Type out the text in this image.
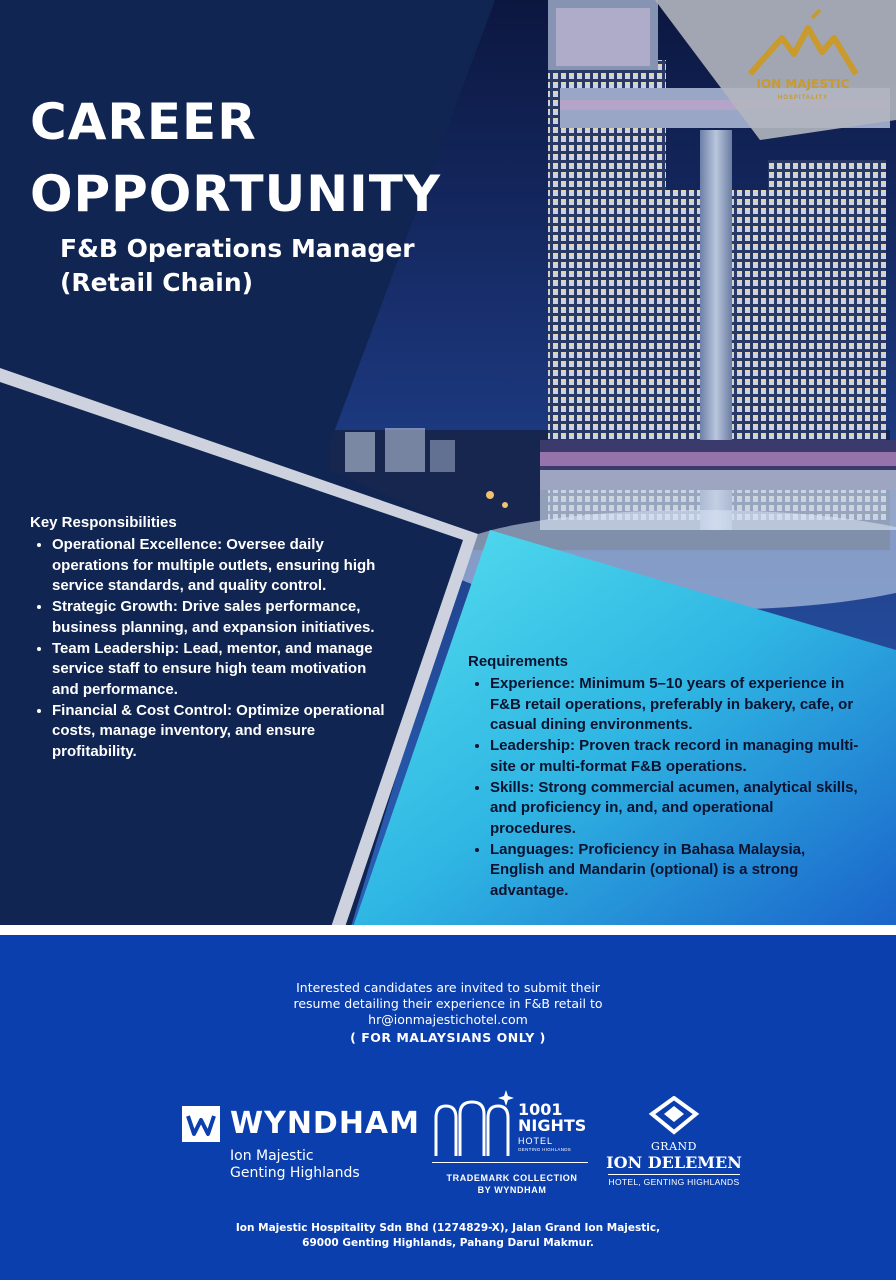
ION MAJESTIC
HOSPITALITY
CAREER
OPPORTUNITY
F&B Operations Manager
(Retail Chain)
Key Responsibilities
• Operational Excellence: Oversee daily operations for multiple outlets, ensuring high service standards, and quality control.
• Strategic Growth: Drive sales performance, business planning, and expansion initiatives.
• Team Leadership: Lead, mentor, and manage service staff to ensure high team motivation and performance.
• Financial & Cost Control: Optimize operational costs, manage inventory, and ensure profitability.
Requirements
• Experience: Minimum 5–10 years of experience in F&B retail operations, preferably in bakery, cafe, or casual dining environments.
• Leadership: Proven track record in managing multi-site or multi-format F&B operations.
• Skills: Strong commercial acumen, analytical skills, and proficiency in, and, and operational procedures.
• Languages: Proficiency in Bahasa Malaysia, English and Mandarin (optional) is a strong advantage.
Interested candidates are invited to submit their
resume detailing their experience in F&B retail to
hr@ionmajestichotel.com
( FOR MALAYSIANS ONLY )
WYNDHAM
Ion Majestic
Genting Highlands
1001
NIGHTS
HOTEL
GENTING HIGHLANDS
TRADEMARK COLLECTION
BY WYNDHAM
GRAND
ION DELEMEN
HOTEL, GENTING HIGHLANDS
Ion Majestic Hospitality Sdn Bhd (1274829-X), Jalan Grand Ion Majestic,
69000 Genting Highlands, Pahang Darul Makmur.
